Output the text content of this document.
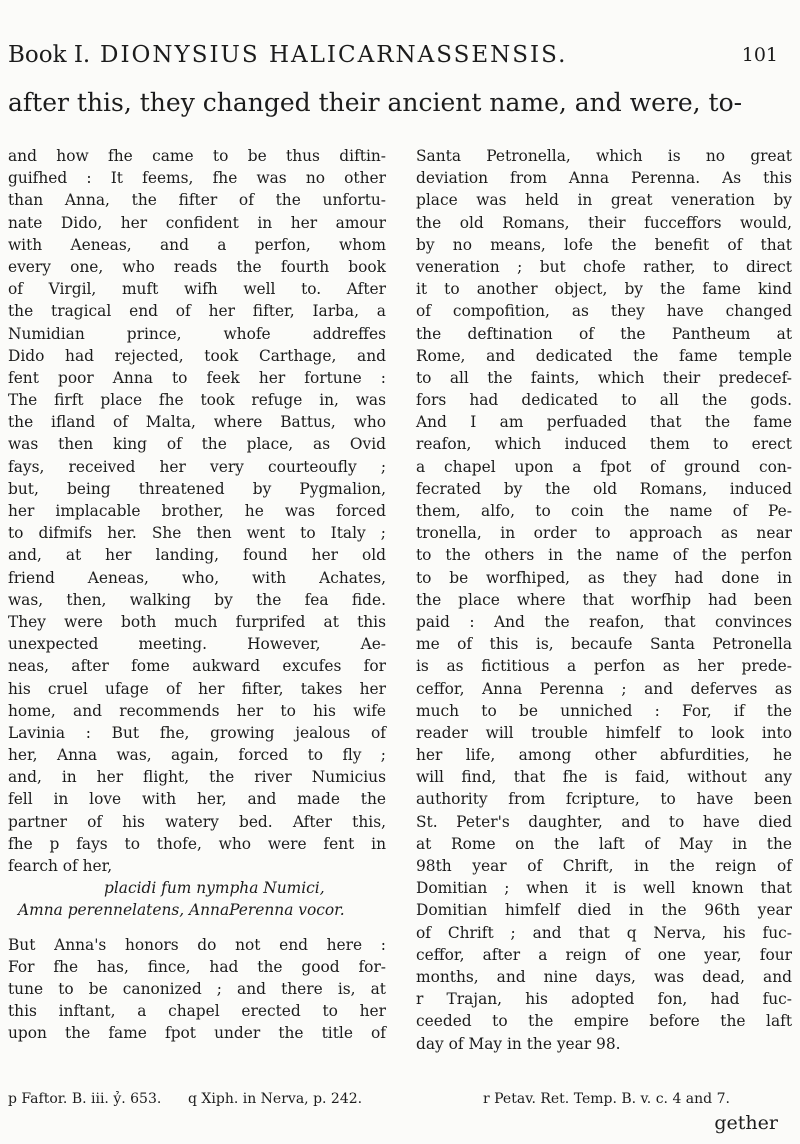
Book I. DIONYSIUS HALICARNASSENSIS.	101
after this, they changed their ancient name, and were, to-
and how fhe came to be thus diftin-
guifhed : It feems, fhe was no other
than Anna, the fifter of the unfortu-
nate Dido, her confident in her amour
with Aeneas, and a perfon, whom
every one, who reads the fourth book
of Virgil, muft wifh well to. After
the tragical end of her fifter, Iarba, a
Numidian prince, whofe addreffes
Dido had rejected, took Carthage, and
fent poor Anna to feek her fortune :
The firft place fhe took refuge in, was
the ifland of Malta, where Battus, who
was then king of the place, as Ovid
fays, received her very courteoufly ;
but, being threatened by Pygmalion,
her implacable brother, he was forced
to difmifs her. She then went to Italy ;
and, at her landing, found her old
friend Aeneas, who, with Achates,
was, then, walking by the fea fide.
They were both much furprifed at this
unexpected meeting. However, Ae-
neas, after fome aukward excufes for
his cruel ufage of her fifter, takes her
home, and recommends her to his wife
Lavinia : But fhe, growing jealous of
her, Anna was, again, forced to fly ;
and, in her flight, the river Numicius
fell in love with her, and made the
partner of his watery bed. After this,
fhe p fays to thofe, who were fent in
fearch of her,
placidi fum nympha Numici,
Amna perennelatens, AnnaPerenna vocor.
But Anna's honors do not end here :
For fhe has, fince, had the good for-
tune to be canonized ; and there is, at
this inftant, a chapel erected to her
upon the fame fpot under the title of
Santa Petronella, which is no great
deviation from Anna Perenna. As this
place was held in great veneration by
the old Romans, their fucceffors would,
by no means, lofe the benefit of that
veneration ; but chofe rather, to direct
it to another object, by the fame kind
of compofition, as they have changed
the deftination of the Pantheum at
Rome, and dedicated the fame temple
to all the faints, which their predecef-
fors had dedicated to all the gods.
And I am perfuaded that the fame
reafon, which induced them to erect
a chapel upon a fpot of ground con-
fecrated by the old Romans, induced
them, alfo, to coin the name of Pe-
tronella, in order to approach as near
to the others in the name of the perfon
to be worfhiped, as they had done in
the place where that worfhip had been
paid : And the reafon, that convinces
me of this is, becaufe Santa Petronella
is as fictitious a perfon as her prede-
ceffor, Anna Perenna ; and deferves as
much to be unniched : For, if the
reader will trouble himfelf to look into
her life, among other abfurdities, he
will find, that fhe is faid, without any
authority from fcripture, to have been
St. Peter's daughter, and to have died
at Rome on the laft of May in the
98th year of Chrift, in the reign of
Domitian ; when it is well known that
Domitian himfelf died in the 96th year
of Chrift ; and that q Nerva, his fuc-
ceffor, after a reign of one year, four
months, and nine days, was dead, and
r Trajan, his adopted fon, had fuc-
ceeded to the empire before the laft
day of May in the year 98.
p Faftor. B. iii. ỷ. 653. q Xiph. in Nerva, p. 242.	r Petav. Ret. Temp. B. v. c. 4 and 7.
gether
